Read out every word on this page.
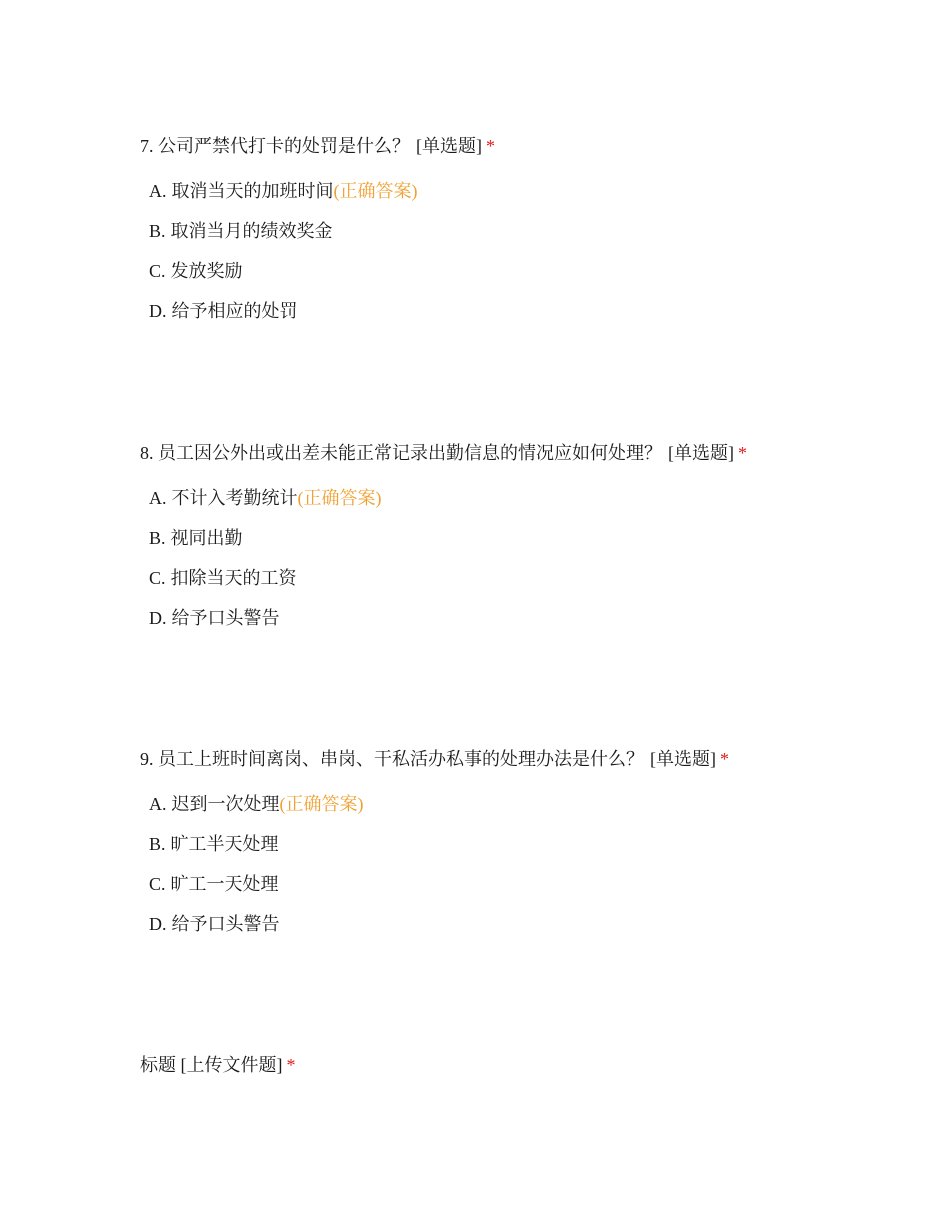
7. 公司严禁代打卡的处罚是什么？ [单选题] *

A. 取消当天的加班时间 (正确答案)
B. 取消当月的绩效奖金
C. 发放奖励
D. 给予相应的处罚

8. 员工因公外出或出差未能正常记录出勤信息的情况应如何处理？ [单选题] *

A. 不计入考勤统计 (正确答案)
B. 视同出勤
C. 扣除当天的工资
D. 给予口头警告

9. 员工上班时间离岗、串岗、干私活办私事的处理办法是什么？ [单选题] *

A. 迟到一次处理 (正确答案)
B. 旷工半天处理
C. 旷工一天处理
D. 给予口头警告

标题 [上传文件题] *
